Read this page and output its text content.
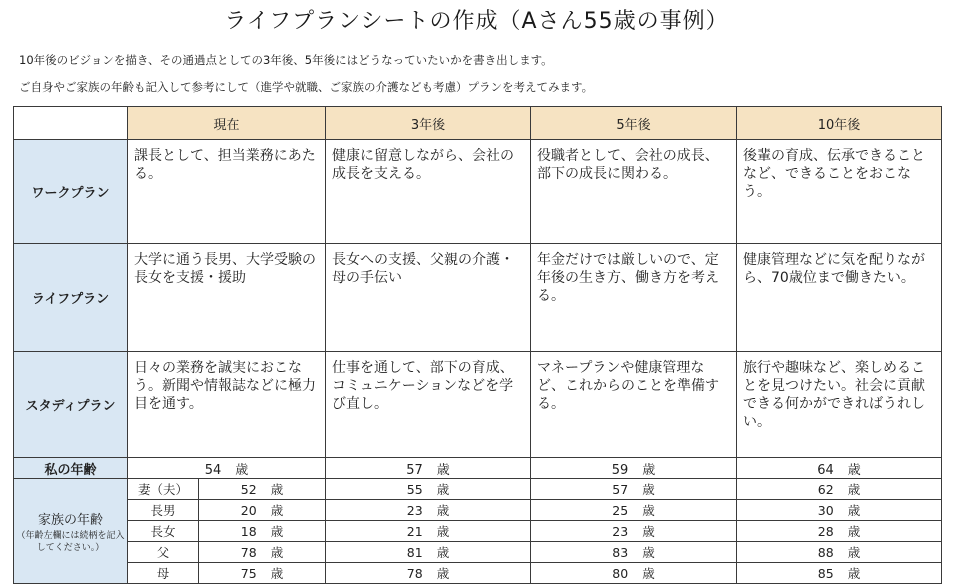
ライフプランシートの作成（Aさん55歳の事例）
10年後のビジョンを描き、その通過点としての3年後、5年後にはどうなっていたいかを書き出します。
ご自身やご家族の年齢も記入して参考にして（進学や就職、ご家族の介護なども考慮）プランを考えてみます。
	現在		3年後	5年後	10年後
ワークプラン	課長として、担当業務にあたる。		健康に留意しながら、会社の成長を支える。	役職者として、会社の成長、部下の成長に関わる。	後輩の育成、伝承できることなど、できることをおこなう。
ライフプラン	大学に通う長男、大学受験の長女を支援・援助		長女への支援、父親の介護・母の手伝い	年金だけでは厳しいので、定年後の生き方、働き方を考える。	健康管理などに気を配りながら、70歳位まで働きたい。
スタディプラン	日々の業務を誠実におこなう。新聞や情報誌などに極力目を通す。		仕事を通して、部下の育成、コミュニケーションなどを学び直し。	マネープランや健康管理など、これからのことを準備する。	旅行や趣味など、楽しめることを見つけたい。社会に貢献できる何かができればうれしい。
私の年齢	54 歳		57 歳	59 歳	64 歳

家族の年齢
（年齢左欄には続柄を記入してください。）	妻（夫）	52 歳	55 歳	57 歳	62 歳
	長男	20 歳	23 歳	25 歳	30 歳
	長女	18 歳	21 歳	23 歳	28 歳
	父	78 歳	81 歳	83 歳	88 歳
	母	75 歳	78 歳	80 歳	85 歳
